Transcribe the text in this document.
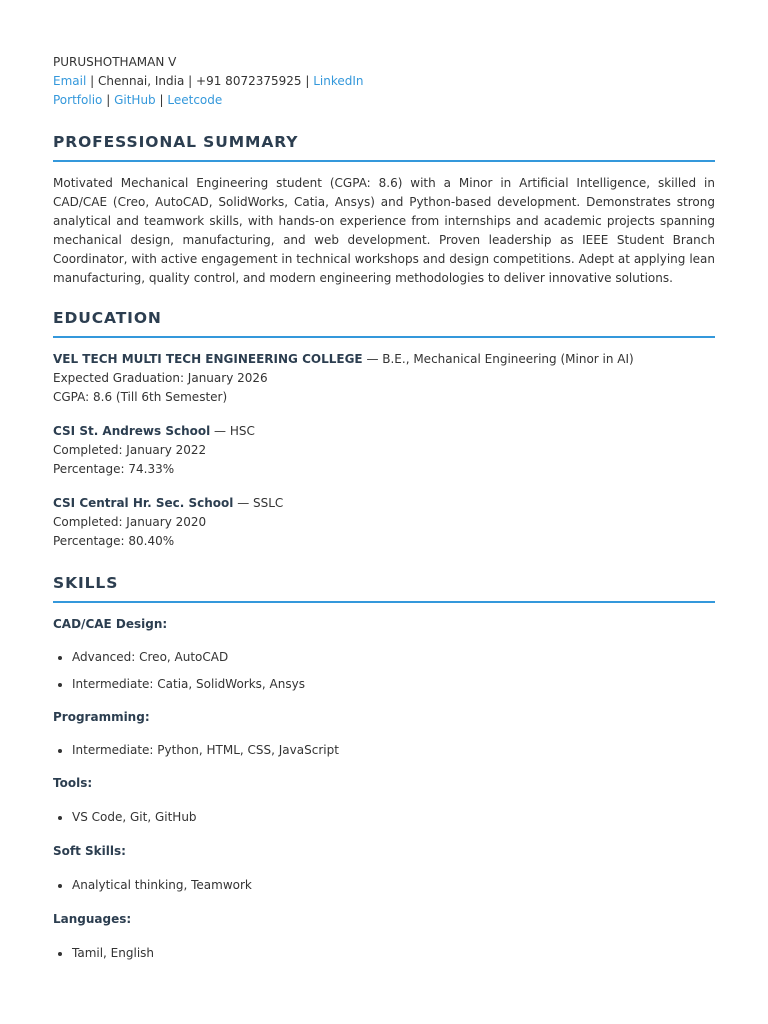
PURUSHOTHAMAN V
Email | Chennai, India | +91 8072375925 | LinkedIn
Portfolio | GitHub | Leetcode
PROFESSIONAL SUMMARY

Motivated Mechanical Engineering student (CGPA: 8.6) with a Minor in Artificial Intelligence, skilled in CAD/CAE (Creo, AutoCAD, SolidWorks, Catia, Ansys) and Python-based development. Demonstrates strong analytical and teamwork skills, with hands-on experience from internships and academic projects spanning mechanical design, manufacturing, and web development. Proven leadership as IEEE Student Branch Coordinator, with active engagement in technical workshops and design competitions. Adept at applying lean manufacturing, quality control, and modern engineering methodologies to deliver innovative solutions.

EDUCATION
VEL TECH MULTI TECH ENGINEERING COLLEGE — B.E., Mechanical Engineering (Minor in AI)
Expected Graduation: January 2026
CGPA: 8.6 (Till 6th Semester)
CSI St. Andrews School — HSC
Completed: January 2022
Percentage: 74.33%
CSI Central Hr. Sec. School — SSLC
Completed: January 2020
Percentage: 80.40%
SKILLS
CAD/CAE Design:
• Advanced: Creo, AutoCAD
• Intermediate: Catia, SolidWorks, Ansys
Programming:
• Intermediate: Python, HTML, CSS, JavaScript
Tools:
• VS Code, Git, GitHub
Soft Skills:
• Analytical thinking, Teamwork
Languages:
• Tamil, English
